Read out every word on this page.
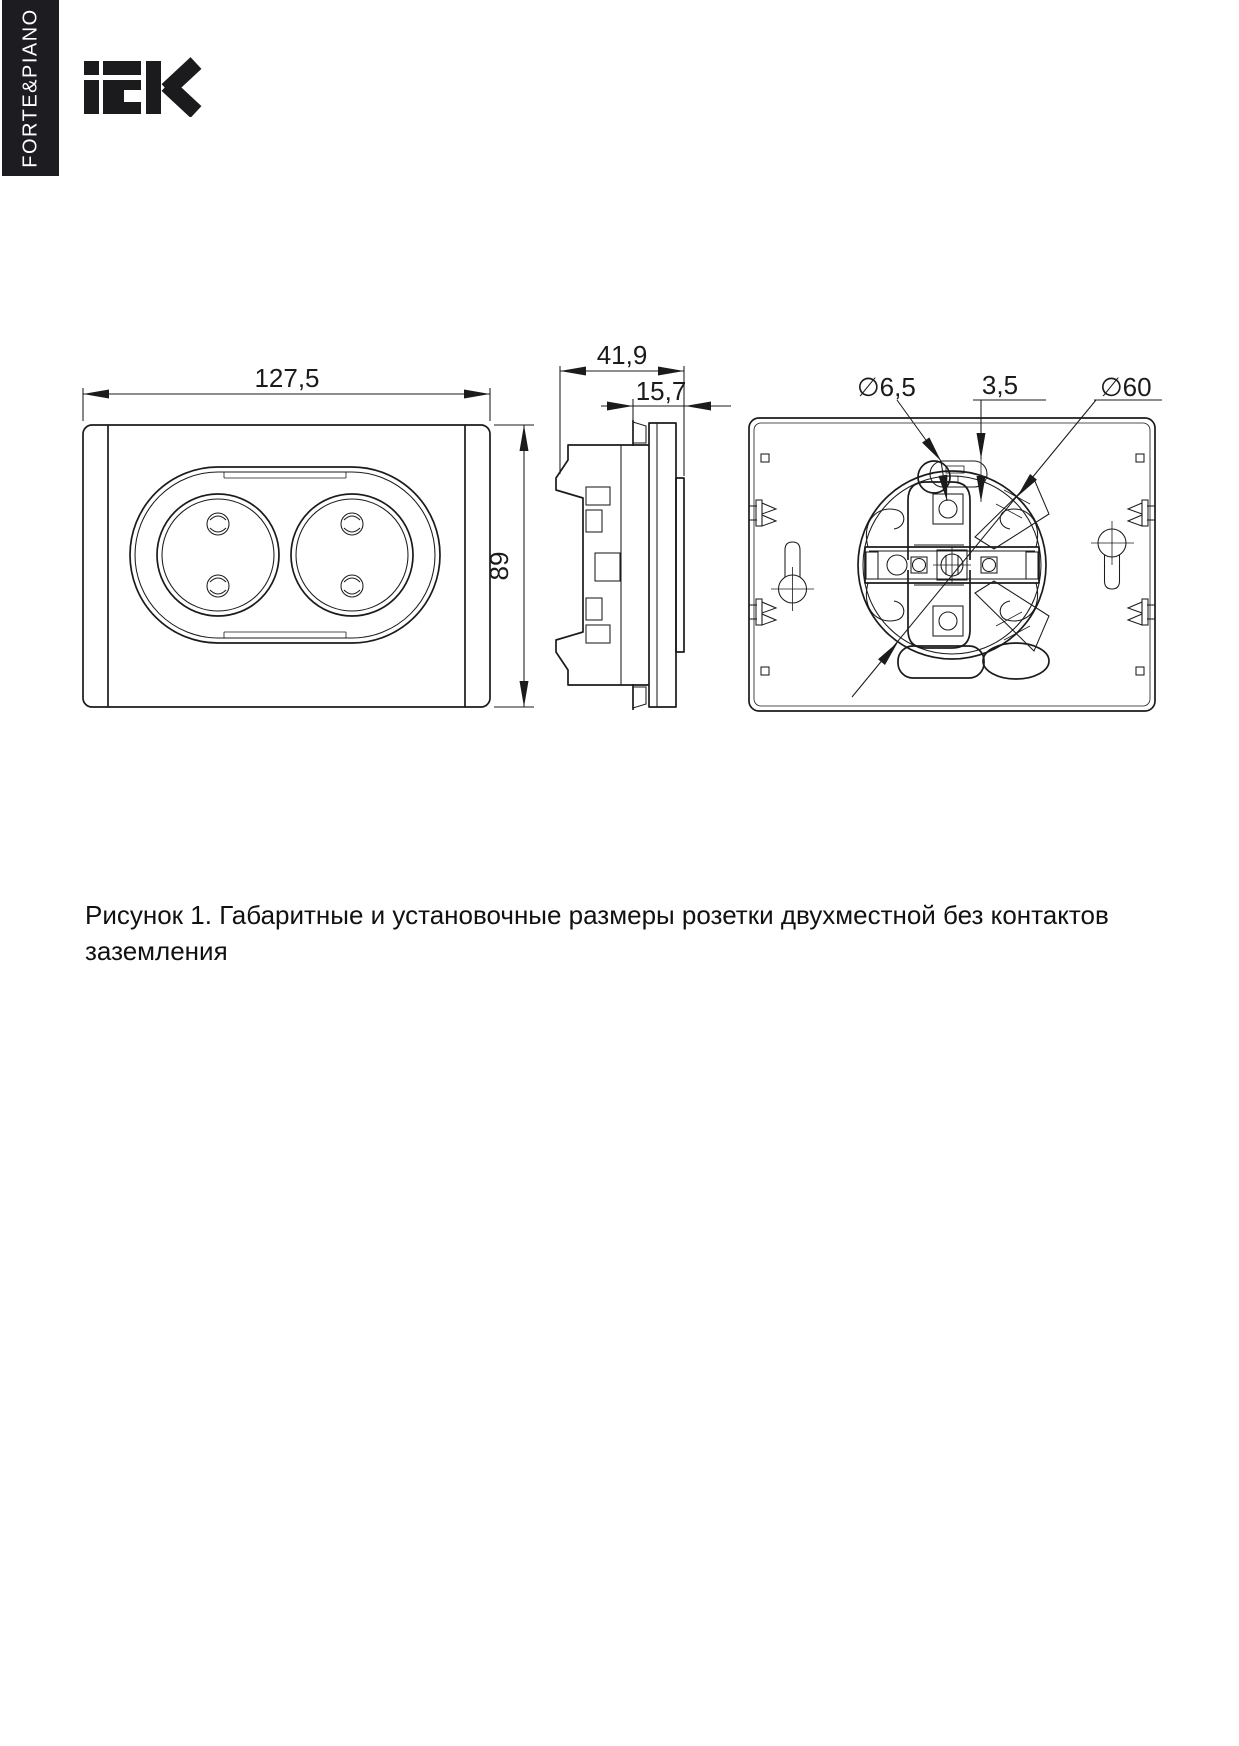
FORTE&PIANO
127,5
89
41,9
15,7	∅6,5	3,5	∅60
Рисунок 1. Габаритные и установочные размеры розетки двухместной без контактов
заземления
